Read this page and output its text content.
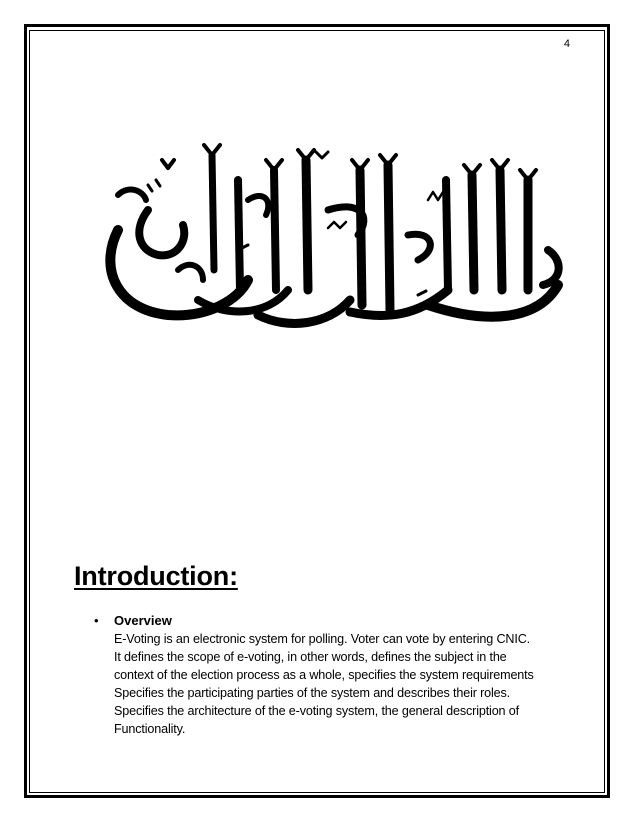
4
Introduction:
•	Overview
E-Voting is an electronic system for polling. Voter can vote by entering CNIC.
It defines the scope of e-voting, in other words, defines the subject in the
context of the election process as a whole, specifies the system requirements
Specifies the participating parties of the system and describes their roles.
Specifies the architecture of the e-voting system, the general description of
Functionality.
